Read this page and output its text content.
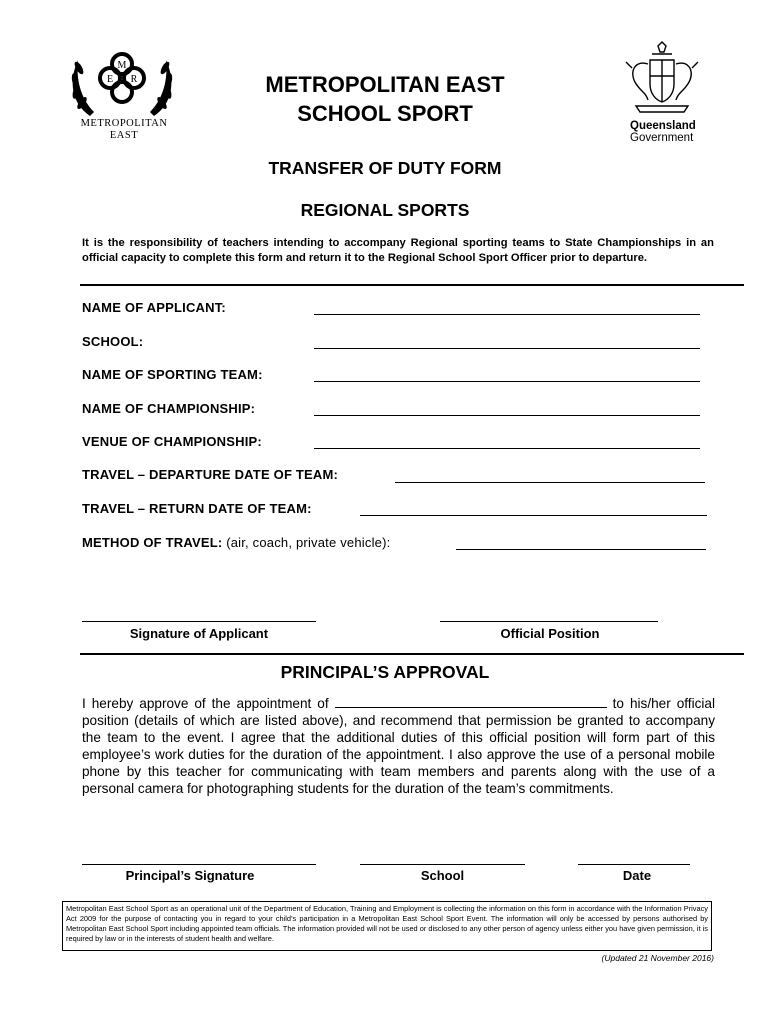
M
E R
METROPOLITAN
EAST
METROPOLITAN EAST
SCHOOL SPORT	Queensland
Government
TRANSFER OF DUTY FORM
REGIONAL SPORTS
It is the responsibility of teachers intending to accompany Regional sporting teams to State Championships in an official capacity to complete this form and return it to the Regional School Sport Officer prior to departure.
NAME OF APPLICANT:
SCHOOL:
NAME OF SPORTING TEAM:
NAME OF CHAMPIONSHIP:
VENUE OF CHAMPIONSHIP:
TRAVEL – DEPARTURE DATE OF TEAM:
TRAVEL – RETURN DATE OF TEAM:
METHOD OF TRAVEL: (air, coach, private vehicle):
Signature of Applicant	Official Position
PRINCIPAL’S APPROVAL
I hereby approve of the appointment of	to his/her official position (details of which are listed above), and recommend that permission be granted to accompany the team to the event. I agree that the additional duties of this official position will form part of this employee’s work duties for the duration of the appointment. I also approve the use of a personal mobile phone by this teacher for communicating with team members and parents along with the use of a personal camera for photographing students for the duration of the team’s commitments.
Principal’s Signature	School	Date
Metropolitan East School Sport as an operational unit of the Department of Education, Training and Employment is collecting the information on this form in accordance with the Information Privacy Act 2009 for the purpose of contacting you in regard to your child’s participation in a Metropolitan East School Sport Event. The information will only be accessed by persons authorised by Metropolitan East School Sport including appointed team officials. The information provided will not be used or disclosed to any other person of agency unless either you have given permission, it is required by law or in the interests of student health and welfare.
(Updated 21 November 2016)
